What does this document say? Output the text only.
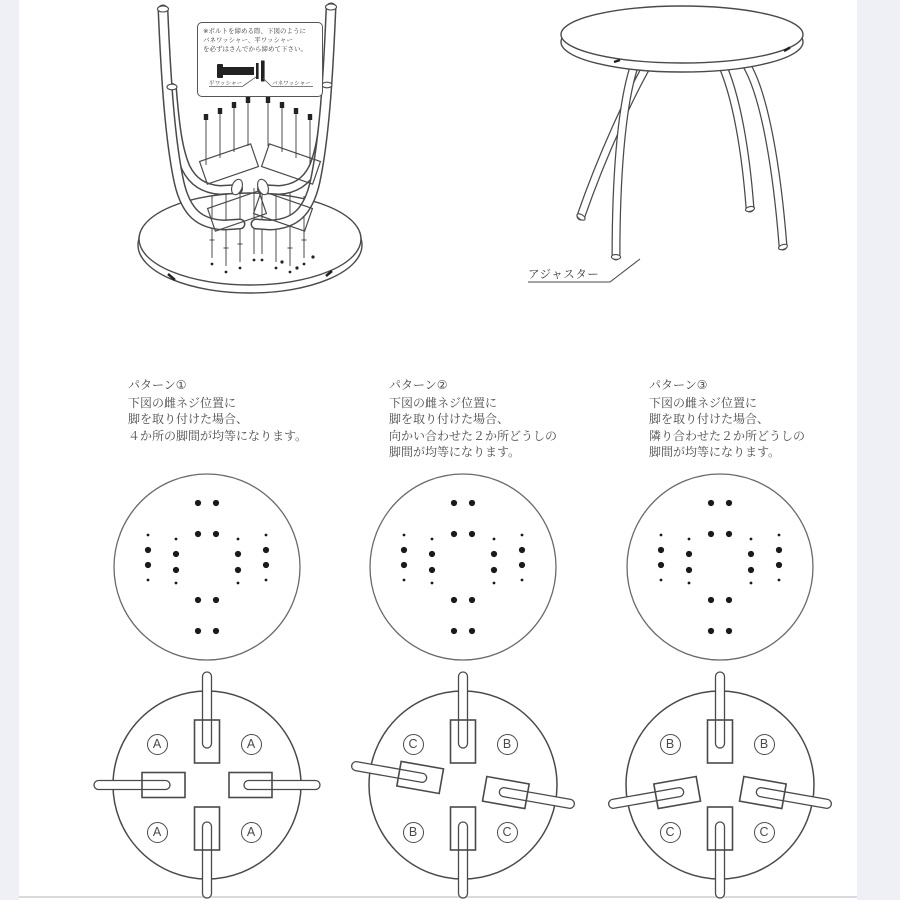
※ボルトを締める際、下図のように
バネワッシャー、平ワッシャー
を必ずはさんでから締めて下さい。
平ワッシャー	バネワッシャー
アジャスター
パターン①
下図の雌ネジ位置に
脚を取り付けた場合、
４か所の脚間が均等になります。
パターン②
下図の雌ネジ位置に
脚を取り付けた場合、
向かい合わせた２か所どうしの
脚間が均等になります。
パターン③
下図の雌ネジ位置に
脚を取り付けた場合、
隣り合わせた２か所どうしの
脚間が均等になります。
A	A
A	A
C	B
B	C
B	B
C	C
